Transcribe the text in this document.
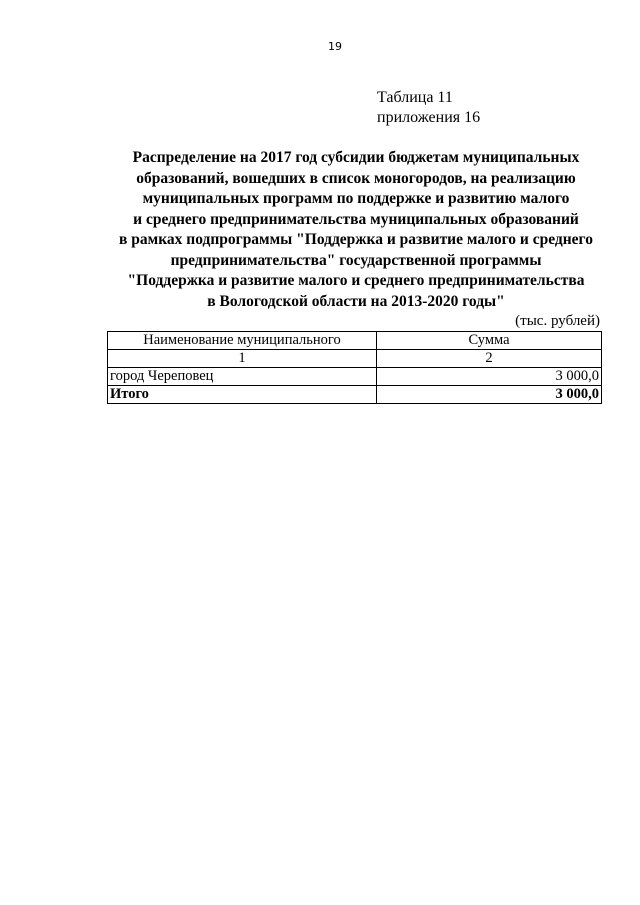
19
Таблица 11
приложения 16
Распределение на 2017 год субсидии бюджетам муниципальных
образований, вошедших в список моногородов, на реализацию
муниципальных программ по поддержке и развитию малого
и среднего предпринимательства муниципальных образований
в рамках подпрограммы "Поддержка и развитие малого и среднего
предпринимательства" государственной программы
"Поддержка и развитие малого и среднего предпринимательства
в Вологодской области на 2013-2020 годы"
(тыс. рублей)
Наименование муниципального	Сумма
1	2
город Череповец	3 000,0
Итого	3 000,0
